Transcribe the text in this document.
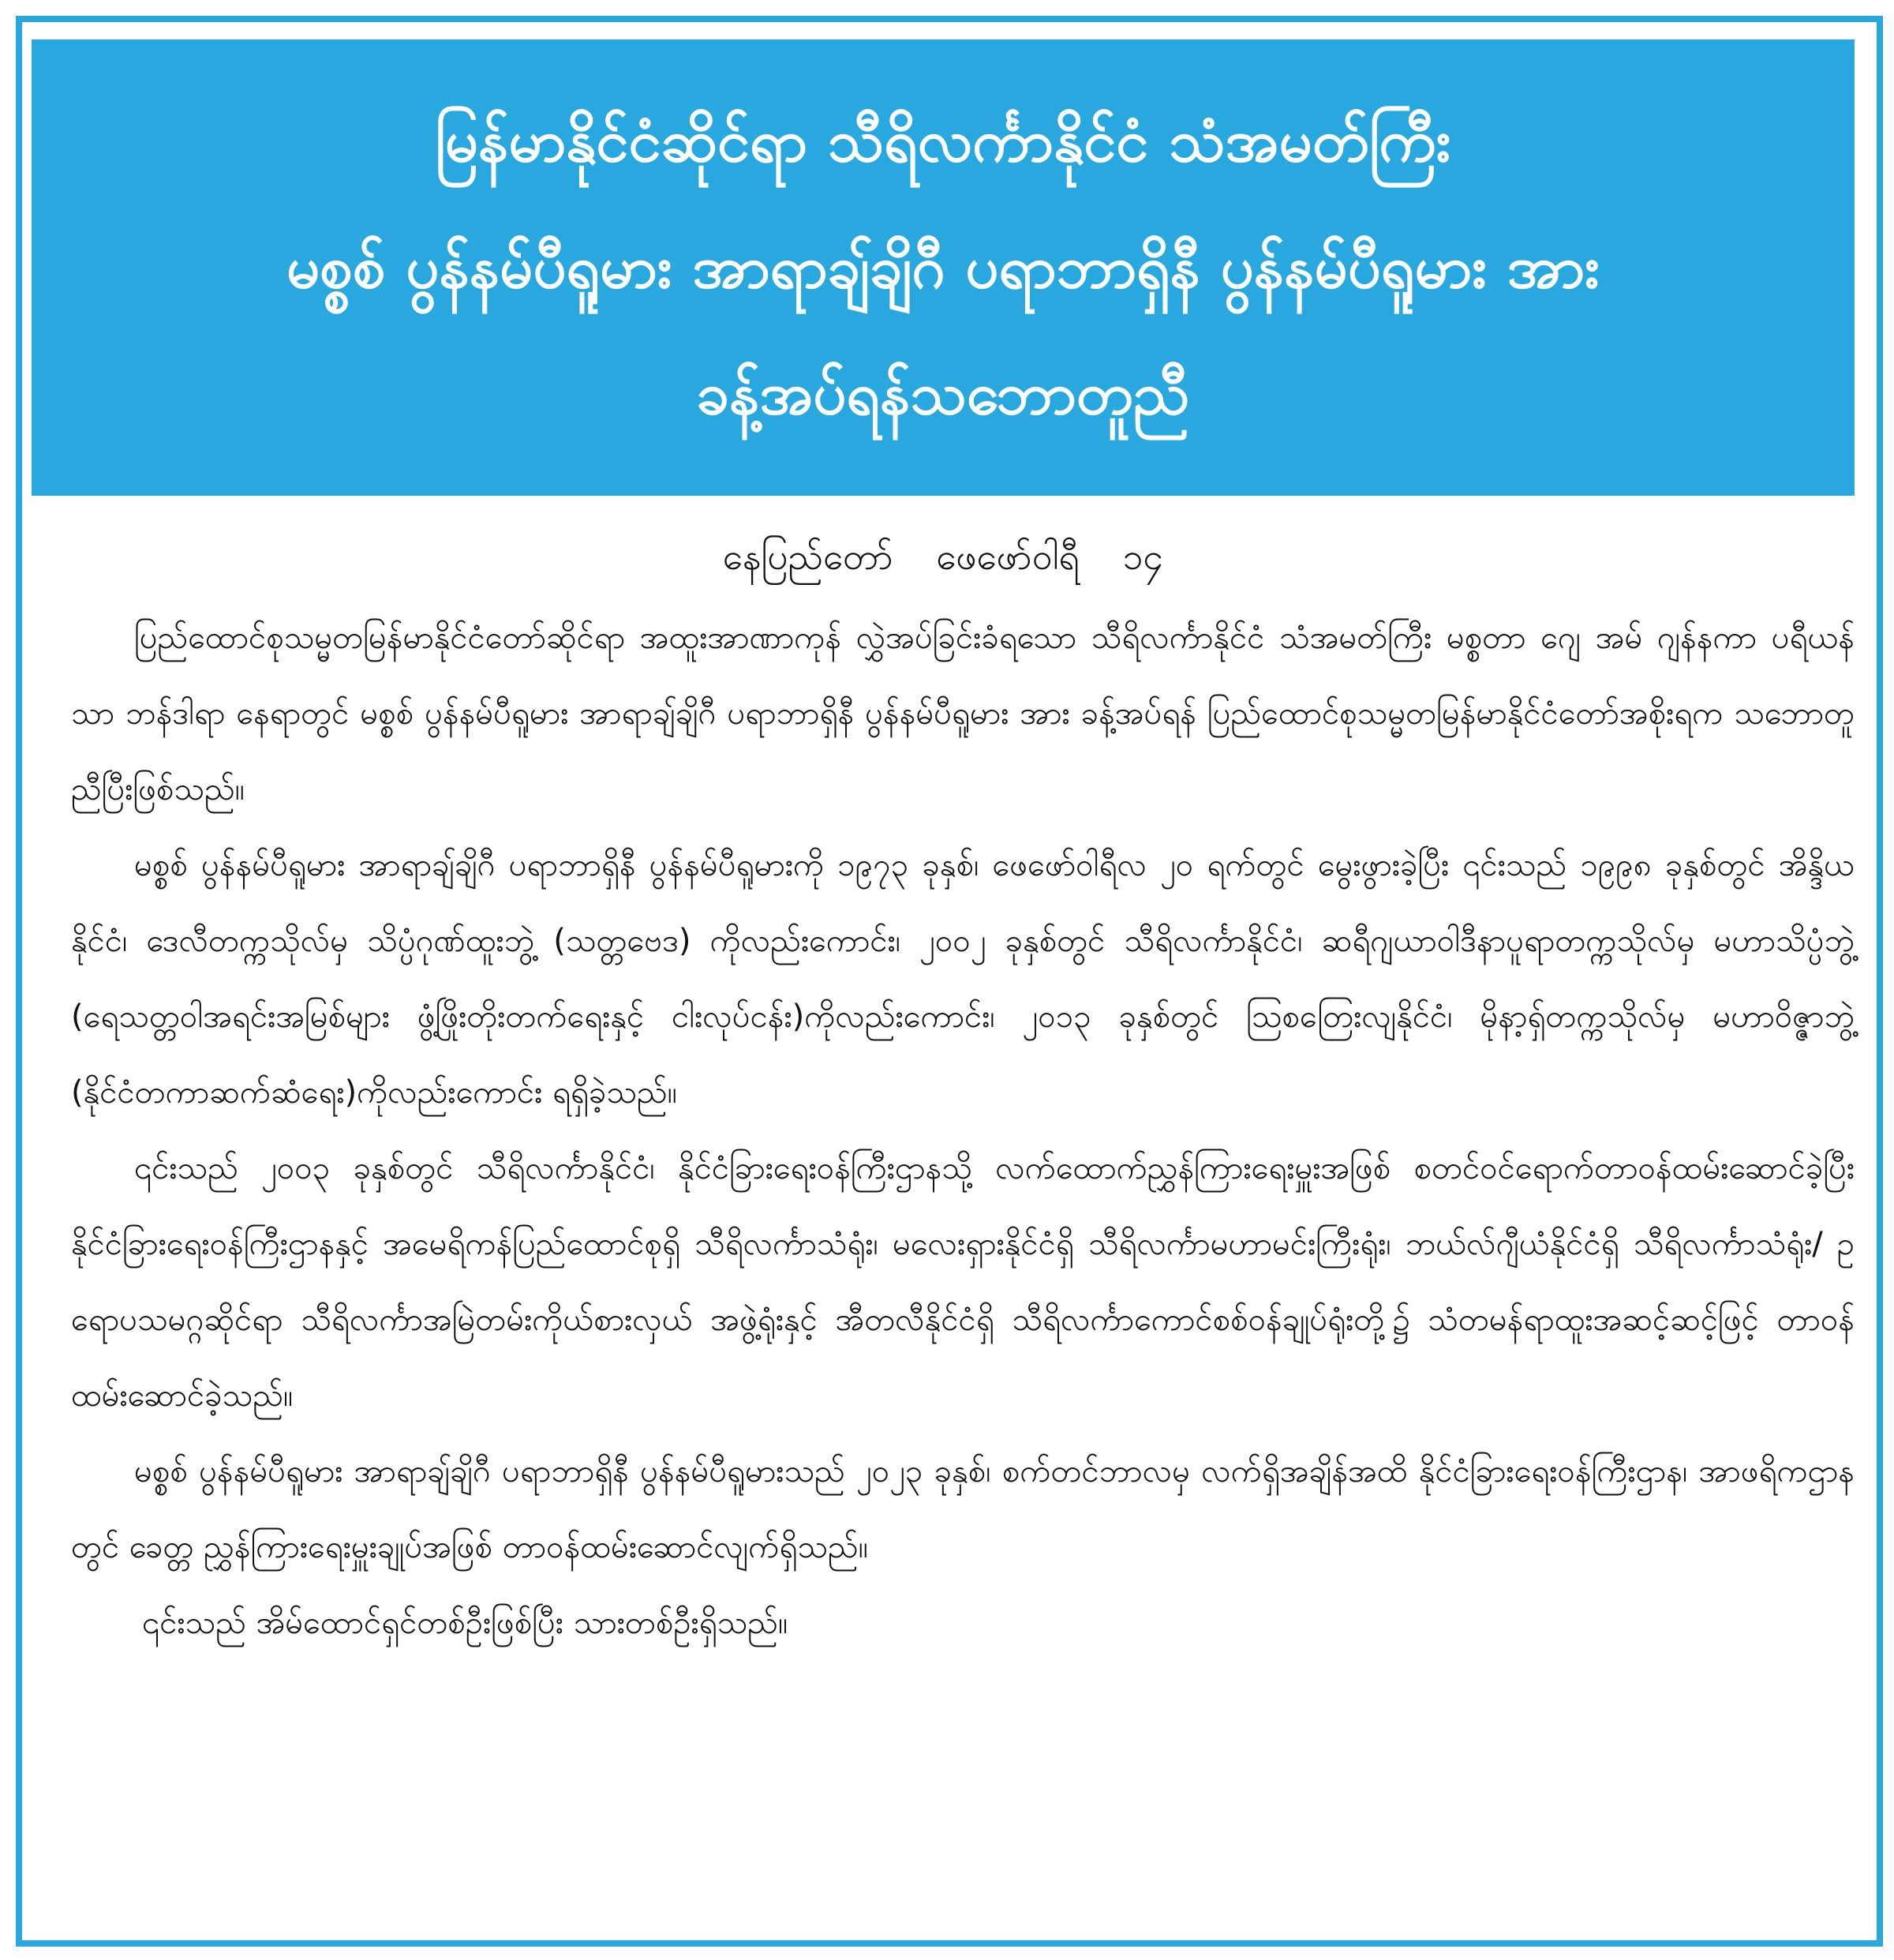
မြန်မာနိုင်ငံဆိုင်ရာ သီရိလင်္ကာနိုင်ငံ သံအမတ်ကြီး
မစ္စစ် ပွန်နမ်ပီရူမား အာရာချ်ချိဂီ ပရာဘာရှိနီ ပွန်နမ်ပီရူမား အား
ခန့်အပ်ရန်သဘောတူညီ
နေပြည်တော် ဖေဖော်ဝါရီ ၁၄

ပြည်ထောင်စုသမ္မတမြန်မာနိုင်ငံတော်ဆိုင်ရာ အထူးအာဏာကုန် လွှဲအပ်ခြင်းခံရသော သီရိလင်္ကာနိုင်ငံ သံအမတ်ကြီး မစ္စတာ ဂျေ အမ် ဂျန်နကာ ပရီယန်သာ ဘန်ဒါရာ နေရာတွင် မစ္စစ် ပွန်နမ်ပီရူမား အာရာချ်ချိဂီ ပရာဘာရှိနီ ပွန်နမ်ပီရူမား အား ခန့်အပ်ရန် ပြည်ထောင်စုသမ္မတမြန်မာနိုင်ငံတော်အစိုးရက သဘောတူညီပြီးဖြစ်သည်။

မစ္စစ် ပွန်နမ်ပီရူမား အာရာချ်ချိဂီ ပရာဘာရှိနီ ပွန်နမ်ပီရူမားကို ၁၉၇၃ ခုနှစ်၊ ဖေဖော်ဝါရီလ ၂၀ ရက်တွင် မွေးဖွားခဲ့ပြီး ၎င်းသည် ၁၉၉၈ ခုနှစ်တွင် အိန္ဒိယနိုင်ငံ၊ ဒေလီတက္ကသိုလ်မှ သိပ္ပံဂုဏ်ထူးဘွဲ့ (သတ္တဗေဒ) ကိုလည်းကောင်း၊ ၂၀၀၂ ခုနှစ်တွင် သီရိလင်္ကာနိုင်ငံ၊ ဆရီဂျယာဝါဒီနာပူရာတက္ကသိုလ်မှ မဟာသိပ္ပံဘွဲ့ (ရေသတ္တဝါအရင်းအမြစ်များ ဖွံ့ဖြိုးတိုးတက်ရေးနှင့် ငါးလုပ်ငန်း)ကိုလည်းကောင်း၊ ၂၀၁၃ ခုနှစ်တွင် ဩစတြေးလျနိုင်ငံ၊ မိုနာ့ရှ်တက္ကသိုလ်မှ မဟာဝိဇ္ဇာဘွဲ့ (နိုင်ငံတကာဆက်ဆံရေး)ကိုလည်းကောင်း ရရှိခဲ့သည်။

၎င်းသည် ၂၀၀၃ ခုနှစ်တွင် သီရိလင်္ကာနိုင်ငံ၊ နိုင်ငံခြားရေးဝန်ကြီးဌာနသို့ လက်ထောက်ညွှန်ကြားရေးမှူးအဖြစ် စတင်ဝင်ရောက်တာဝန်ထမ်းဆောင်ခဲ့ပြီး နိုင်ငံခြားရေးဝန်ကြီးဌာနနှင့် အမေရိကန်ပြည်ထောင်စုရှိ သီရိလင်္ကာသံရုံး၊ မလေးရှားနိုင်ငံရှိ သီရိလင်္ကာမဟာမင်းကြီးရုံး၊ ဘယ်လ်ဂျီယံနိုင်ငံရှိ သီရိလင်္ကာသံရုံး/ ဥရောပသမဂ္ဂဆိုင်ရာ သီရိလင်္ကာအမြဲတမ်းကိုယ်စားလှယ် အဖွဲ့ရုံးနှင့် အီတလီနိုင်ငံရှိ သီရိလင်္ကာကောင်စစ်ဝန်ချုပ်ရုံးတို့၌ သံတမန်ရာထူးအဆင့်ဆင့်ဖြင့် တာဝန်ထမ်းဆောင်ခဲ့သည်။

မစ္စစ် ပွန်နမ်ပီရူမား အာရာချ်ချိဂီ ပရာဘာရှိနီ ပွန်နမ်ပီရူမားသည် ၂၀၂၃ ခုနှစ်၊ စက်တင်ဘာလမှ လက်ရှိအချိန်အထိ နိုင်ငံခြားရေးဝန်ကြီးဌာန၊ အာဖရိကဌာနတွင် ခေတ္တ ညွှန်ကြားရေးမှူးချုပ်အဖြစ် တာဝန်ထမ်းဆောင်လျက်ရှိသည်။

၎င်းသည် အိမ်ထောင်ရှင်တစ်ဦးဖြစ်ပြီး သားတစ်ဦးရှိသည်။
